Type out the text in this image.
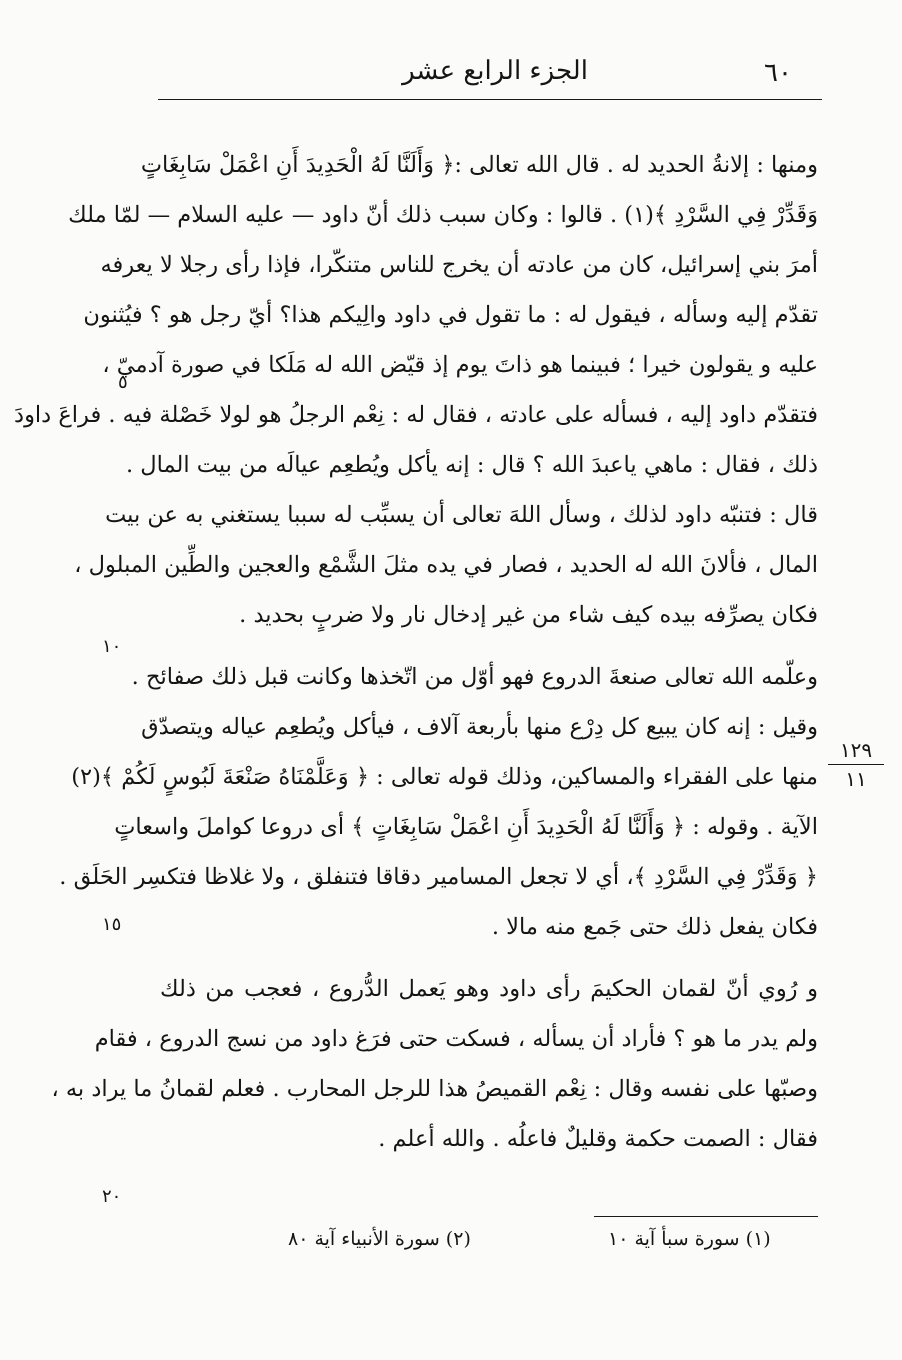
٦٠
الجزء الرابع عشر
ومنها : إلانةُ الحديد له . قال الله تعالى :﴿ وَأَلَنَّا لَهُ الْحَدِيدَ أَنِ اعْمَلْ سَابِغَاتٍ
وَقَدِّرْ فِي السَّرْدِ ﴾(١) . قالوا : وكان سبب ذلك أنّ داود — عليه السلام — لمّا ملك
أمرَ بني إسرائيل، كان من عادته أن يخرج للناس متنكّرا، فإذا رأى رجلا لا يعرفه
تقدّم إليه وسأله ، فيقول له : ما تقول في داود والِيكم هذا؟ أيّ رجل هو ؟ فيُثنون
عليه و يقولون خيرا ؛ فبينما هو ذاتَ يوم إذ قيّض الله له مَلَكا في صورة آدميّ ،
فتقدّم داود إليه ، فسأله على عادته ، فقال له : نِعْم الرجلُ هو لولا خَصْلة فيه . فراعَ داودَ
ذلك ، فقال : ماهي ياعبدَ الله ؟ قال : إنه يأكل ويُطعِم عيالَه من بيت المال .
قال : فتنبّه داود لذلك ، وسأل اللهَ تعالى أن يسبِّب له سببا يستغني به عن بيت
المال ، فألانَ الله له الحديد ، فصار في يده مثلَ الشَّمْع والعجين والطِّين المبلول ،
فكان يصرِّفه بيده كيف شاء من غير إدخال نار ولا ضربٍ بحديد .
وعلّمه الله تعالى صنعةَ الدروع فهو أوّل من اتّخذها وكانت قبل ذلك صفائح .
وقيل : إنه كان يبيع كل دِرْع منها بأربعة آلاف ، فيأكل ويُطعِم عياله ويتصدّق
منها على الفقراء والمساكين، وذلك قوله تعالى : ﴿ وَعَلَّمْنَاهُ صَنْعَةَ لَبُوسٍ لَكُمْ ﴾(٢)
الآية . وقوله : ﴿ وَأَلَنَّا لَهُ الْحَدِيدَ أَنِ اعْمَلْ سَابِغَاتٍ ﴾ أى دروعا كواملَ واسعاتٍ
﴿ وَقَدِّرْ فِي السَّرْدِ ﴾، أي لا تجعل المسامير دقاقا فتنفلق ، ولا غلاظا فتكسِر الحَلَق .
فكان يفعل ذلك حتى جَمع منه مالا .
و رُوي أنّ لقمان الحكيمَ رأى داود وهو يَعمل الدُّروع ، فعجب من ذلك
ولم يدر ما هو ؟ فأراد أن يسأله ، فسكت حتى فرَغ داود من نسج الدروع ، فقام
وصبّها على نفسه وقال : نِعْم القميصُ هذا للرجل المحارب . فعلم لقمانُ ما يراد به ،
فقال : الصمت حكمة وقليلٌ فاعلُه . والله أعلم .
٥
١٠
١٥
٢٠
١٢٩
١١
(١) سورة سبأ آية ١٠
(٢) سورة الأنبياء آية ٨٠
